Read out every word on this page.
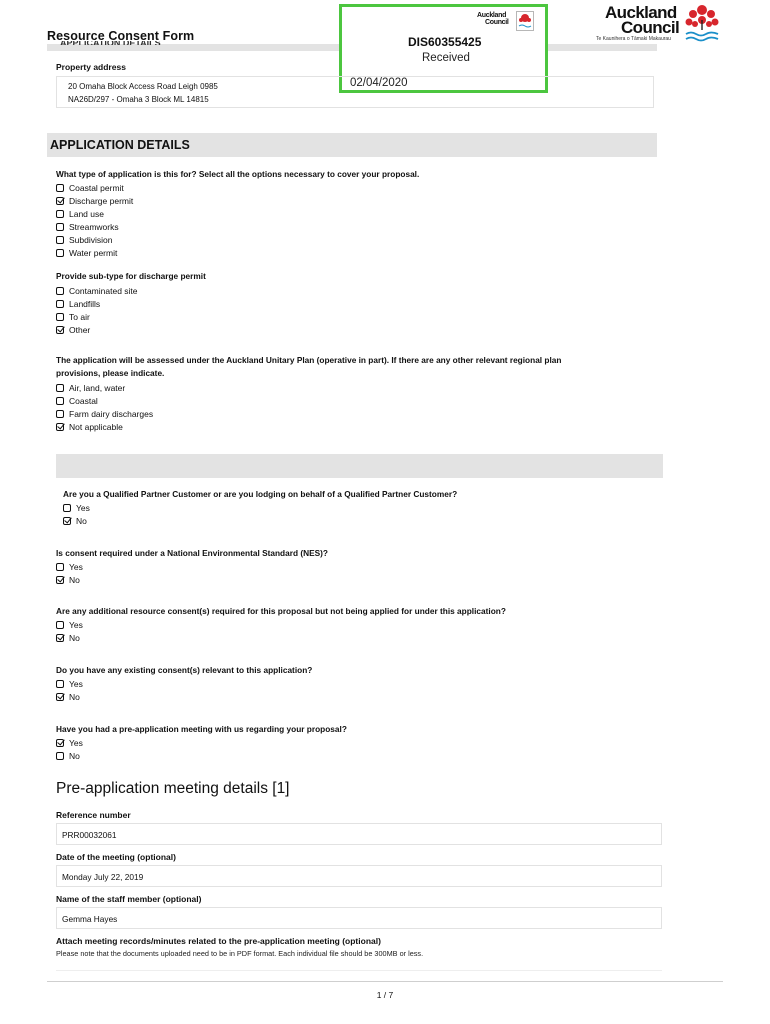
Resource Consent Form
Auckland
Council
DIS60355425
Received
02/04/2020
Auckland
Council
Te Kaunihera o Tāmaki Makaurau
Property address
20 Omaha Block Access Road Leigh 0985
NA26D/297 - Omaha 3 Block ML 14815
APPLICATION DETAILS
What type of application is this for? Select all the options necessary to cover your proposal.
Coastal permit
Discharge permit
Land use
Streamworks
Subdivision
Water permit
Provide sub-type for discharge permit
Contaminated site
Landfills
To air
Other
The application will be assessed under the Auckland Unitary Plan (operative in part). If there are any other relevant regional plan
provisions, please indicate.
Air, land, water
Coastal
Farm dairy discharges
Not applicable
Are you a Qualified Partner Customer or are you lodging on behalf of a Qualified Partner Customer?
Yes
No
Is consent required under a National Environmental Standard (NES)?
Yes
No
Are any additional resource consent(s) required for this proposal but not being applied for under this application?
Yes
No
Do you have any existing consent(s) relevant to this application?
Yes
No
Have you had a pre-application meeting with us regarding your proposal?
Yes
No
Pre-application meeting details [1]
Reference number
PRR00032061
Date of the meeting (optional)
Monday July 22, 2019
Name of the staff member (optional)
Gemma Hayes
Attach meeting records/minutes related to the pre-application meeting (optional)
Please note that the documents uploaded need to be in PDF format. Each individual file should be 300MB or less.
1 / 7
